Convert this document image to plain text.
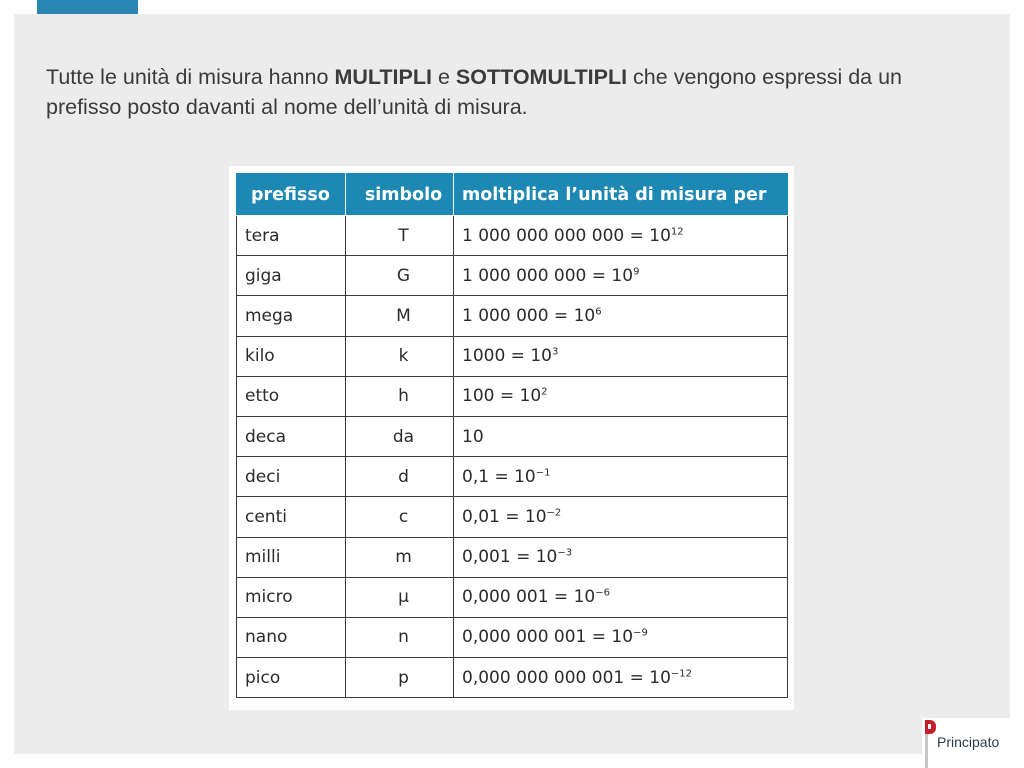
Tutte le unità di misura hanno MULTIPLI e SOTTOMULTIPLI che vengono espressi da un prefisso posto davanti al nome dell’unità di misura.

prefisso	simbolo	moltiplica l’unità di misura per
tera	T	1 000 000 000 $000 = 10^{12}$
giga	G	1 000 000 $000 = 10^9$
mega	M	1 000 $000 = 10^6$
kilo	k	$1000 = 10^3$
etto	h	$100 = 10^2$
deca	da	10
deci	d	$0,1 = 10^{-1}$
centi	c	$0,01 = 10^{-2}$
milli	m	$0,001 = 10^{-3}$
micro	µ	0,000 $001 = 10^{-6}$
nano	n	0,000 000 $001 = 10^{-9}$
pico	p	0,000 000 000 $001 = 10^{-12}$
Principato
